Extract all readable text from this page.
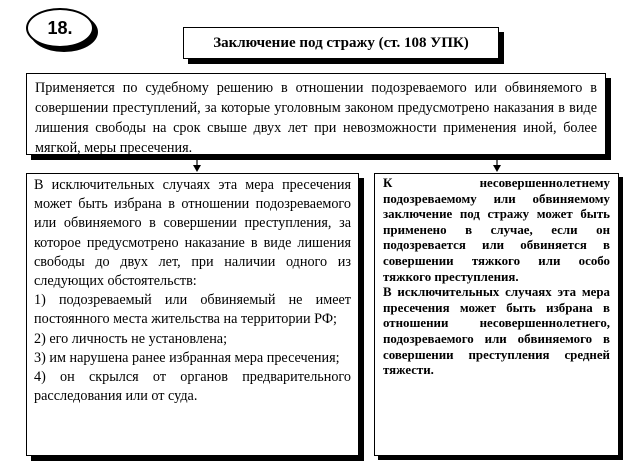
18.
Заключение под стражу (ст. 108 УПК)
Применяется по судебному решению в отношении подозреваемого или обвиняемого в совершении преступлений, за которые уголовным законом предусмотрено наказания в виде лишения свободы на срок свыше двух лет при невозможности применения иной, более мягкой, меры пресечения.

В исключительных случаях эта мера пресечения может быть избрана в отношении подозреваемого или обвиняемого в совершении преступления, за которое предусмотрено наказание в виде лишения свободы до двух лет, при наличии одного из следующих обстоятельств:

1) подозреваемый или обвиняемый не имеет постоянного места жительства на территории РФ;

2) его личность не установлена;

3) им нарушена ранее избранная мера пресечения;

4) он скрылся от органов предварительного расследования или от суда.

К несовершеннолетнему подозреваемому или обвиняемому заключение под стражу может быть применено в случае, если он подозревается или обвиняется в совершении тяжкого или особо тяжкого преступления.

В исключительных случаях эта мера пресечения может быть избрана в отношении несовершеннолетнего, подозреваемого или обвиняемого в совершении преступления средней тяжести.
